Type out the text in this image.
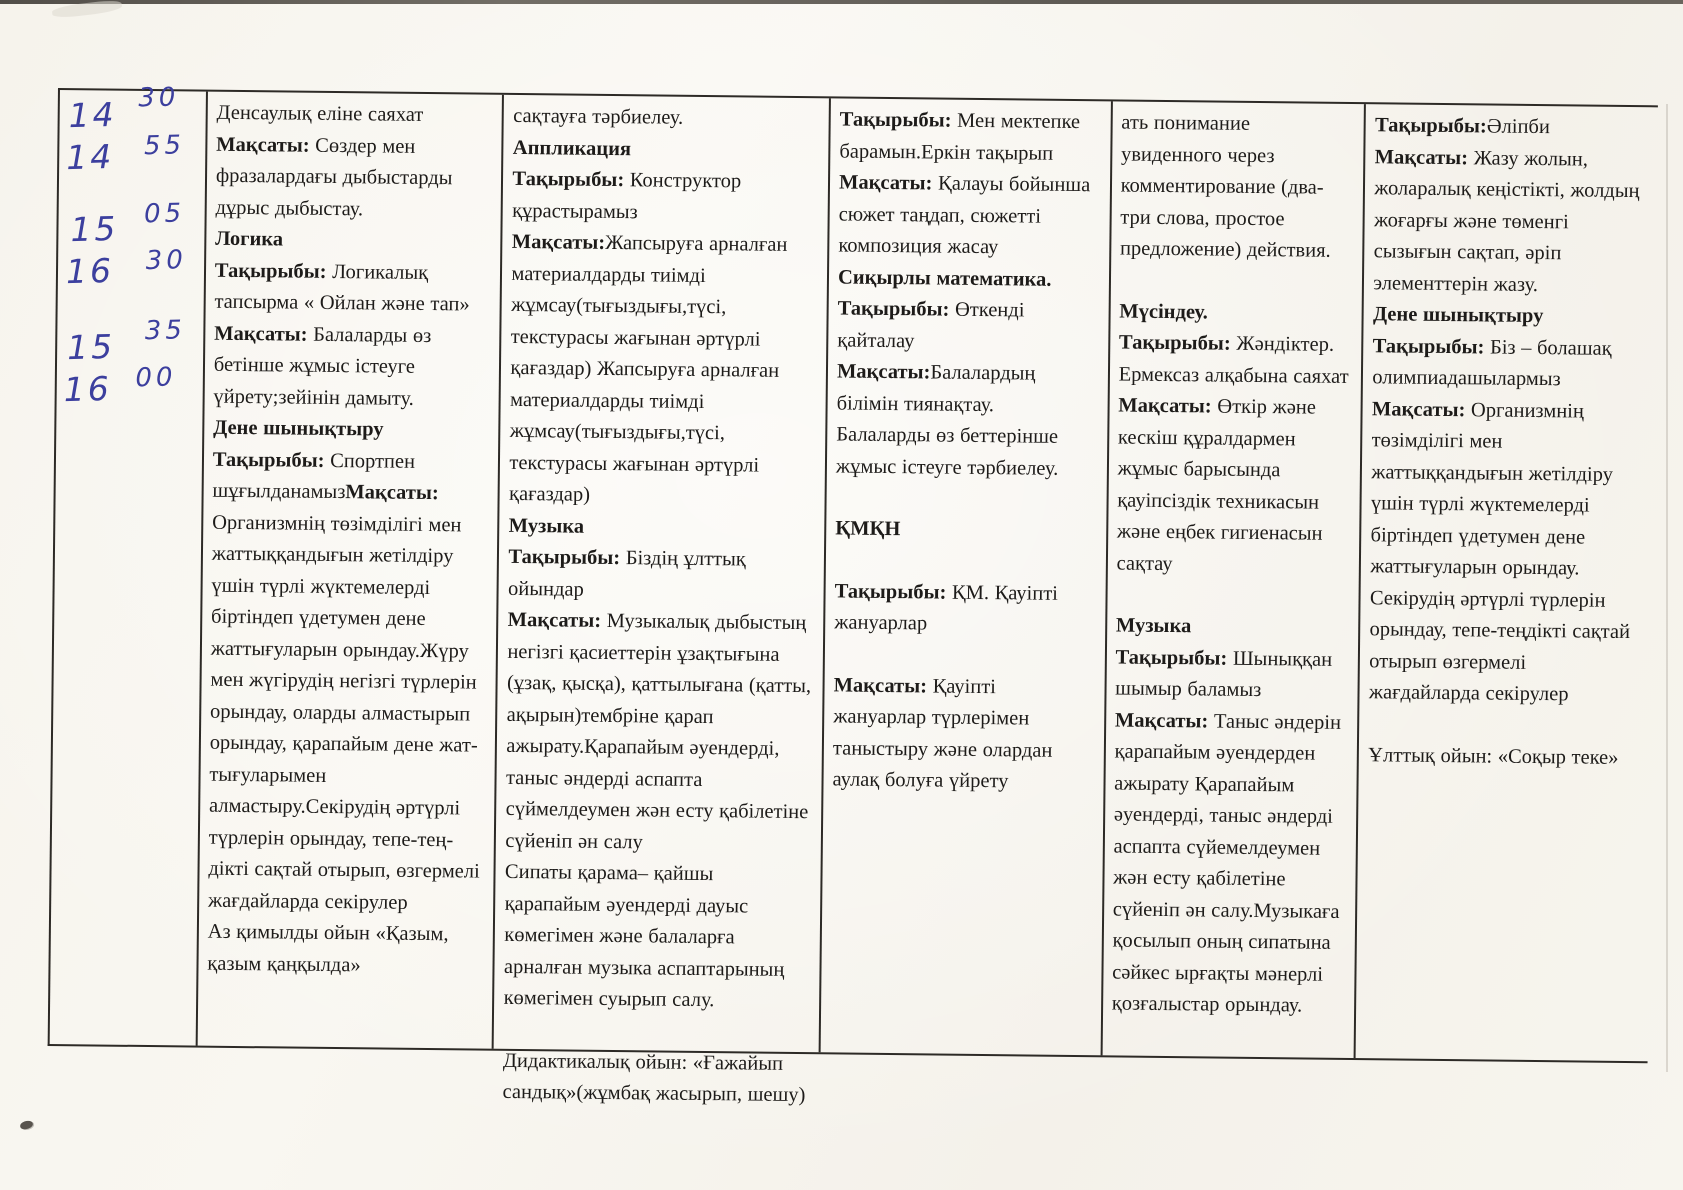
14 30
14 55
15 05
16 30
15 35
16 00

Денсаулық еліне саяхат

Мақсаты: Сөздер мен фразалардағы дыбыстарды дұрыс дыбыстау.

Логика

Тақырыбы: Логикалық тапсырма « Ойлан және тап»

Мақсаты: Балаларды өз бетінше жұмыс істеуге үйрету;зейінін дамыту.

Дене шынықтыру

Тақырыбы: Спортпен шұғылданамызМақсаты: Организмнің төзімділігі мен жаттыққандығын жетілдіру үшін түрлі жүктемелерді біртіндеп үдетумен дене жаттығуларын орындау.Жүру мен жүгірудің негізгі түрлерін орындау, оларды алмастырып орындау, қарапайым дене жат- тығуларымен алмастыру.Секірудің әртүрлі түрлерін орындау, тепе-тең- дікті сақтай отырып, өзгермелі жағдайларда секірулер

Аз қимылды ойын «Қазым, қазым қаңқылда»

сақтауға тәрбиелеу.

Аппликация

Тақырыбы: Конструктор құрастырамыз

Мақсаты:Жапсыруға арналған материалдарды тиімді жұмсау(тығыздығы,түсі, текстурасы жағынан әртүрлі қағаздар) Жапсыруға арналған материалдарды тиімді жұмсау(тығыздығы,түсі, текстурасы жағынан әртүрлі қағаздар)

Музыка

Тақырыбы: Біздің ұлттық ойындар

Мақсаты: Музыкалық дыбыстың негізгі қасиеттерін ұзақтығына (ұзақ, қысқа), қаттылығана (қатты, ақырын)тембріне қарап ажырату.Қарапайым әуендерді, таныс әндерді аспапта сүймелдеумен жән есту қабілетіне сүйеніп ән салу

Сипаты қарама– қайшы қарапайым әуендерді дауыс көмегімен және балаларға арналған музыка аспаптарының көмегімен суырып салу.

Дидактикалық ойын: «Ғажайып сандық»(жұмбақ жасырып, шешу)

Тақырыбы: Мен мектепке барамын.Еркін тақырып

Мақсаты: Қалауы бойынша сюжет таңдап, сюжетті композиция жасау

Сиқырлы математика.

Тақырыбы: Өткенді қайталау

Мақсаты:Балалардың білімін тиянақтау.

Балаларды өз беттерінше жұмыс істеуге тәрбиелеу.

ҚМҚН

Тақырыбы: ҚМ. Қауіпті жануарлар

Мақсаты: Қауіпті жануарлар түрлерімен таныстыру және олардан аулақ болуға үйрету

ать понимание увиденного через комментирование (два-три слова, простое предложение) действия.

Мүсіндеу.

Тақырыбы: Жәндіктер. Ермексаз алқабына саяхат

Мақсаты: Өткір және кескіш құралдармен жұмыс барысында қауіпсіздік техникасын және еңбек гигиенасын сақтау

Музыка

Тақырыбы: Шыныққан шымыр баламыз

Мақсаты: Таныс әндерін қарапайым әуендерден ажырату Қарапайым әуендерді, таныс әндерді аспапта сүйемелдеумен жән есту қабілетіне сүйеніп ән салу.Музыкаға қосылып оның сипатына сәйкес ырғақты мәнерлі қозғалыстар орындау.

Тақырыбы:Әліпби

Мақсаты: Жазу жолын, жоларалық кеңістікті, жолдың жоғарғы және төменгі сызығын сақтап, әріп элементтерін жазу.

Дене шынықтыру

Тақырыбы: Біз – болашақ олимпиадашылармыз

Мақсаты: Организмнің төзімділігі мен жаттыққандығын жетілдіру үшін түрлі жүктемелерді біртіндеп үдетумен дене жаттығуларын орындау. Секірудің әртүрлі түрлерін орындау, тепе-теңдікті сақтай отырып өзгермелі жағдайларда секірулер

Ұлттық ойын: «Соқыр теке»
